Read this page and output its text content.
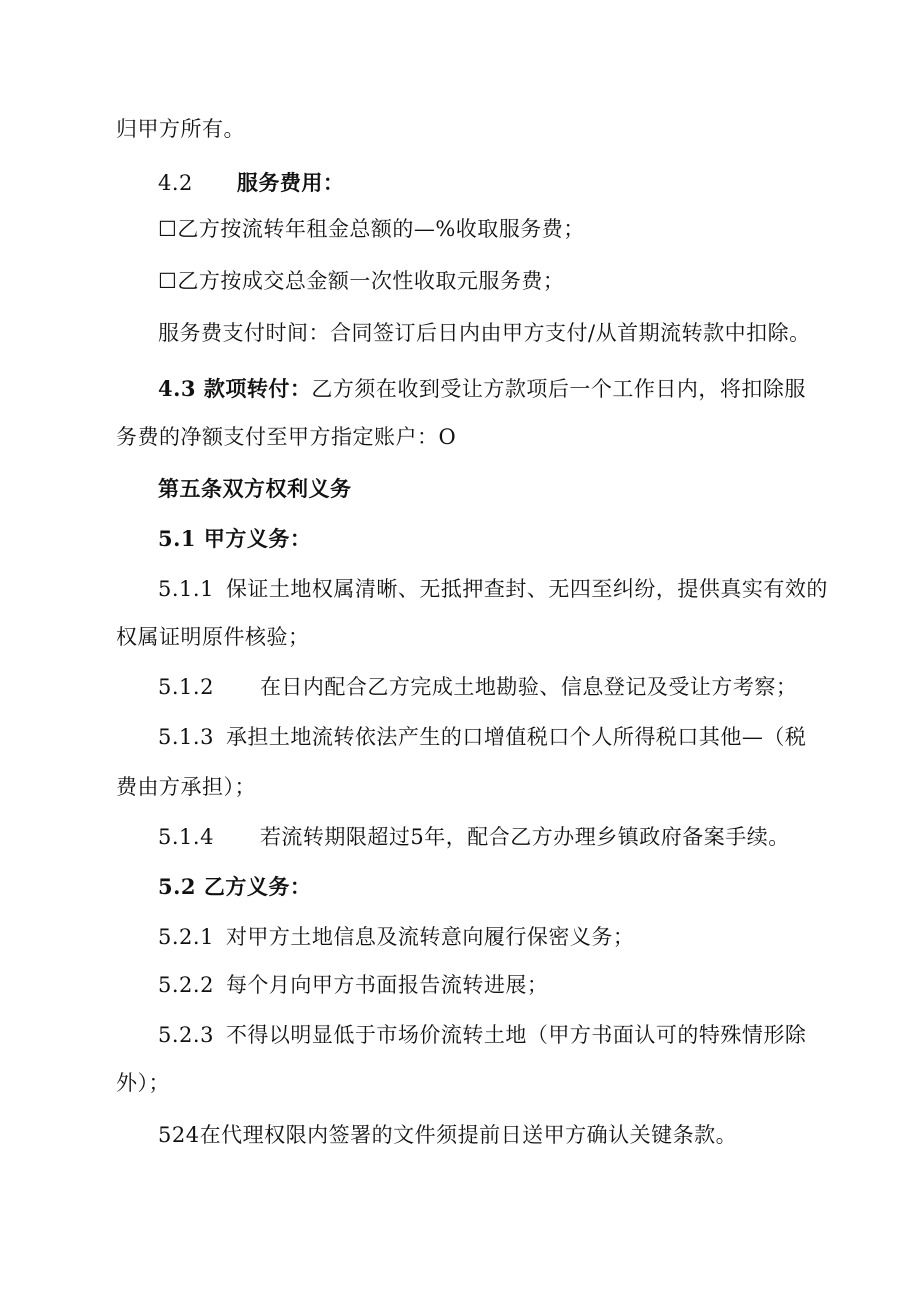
归甲方所有。
4.2 服务费用：
☐乙方按流转年租金总额的—%收取服务费；
☐乙方按成交总金额一次性收取元服务费；
服务费支付时间：合同签订后日内由甲方支付/从首期流转款中扣除。
4.3 款项转付：乙方须在收到受让方款项后一个工作日内，将扣除服
务费的净额支付至甲方指定账户：O
第五条双方权利义务
5.1 甲方义务：
5.1.1 保证土地权属清晰、无抵押查封、无四至纠纷，提供真实有效的
权属证明原件核验；
5.1.2 在日内配合乙方完成土地勘验、信息登记及受让方考察；
5.1.3 承担土地流转依法产生的口增值税口个人所得税口其他—（税
费由方承担）；
5.1.4 若流转期限超过5年，配合乙方办理乡镇政府备案手续。
5.2 乙方义务：
5.2.1 对甲方土地信息及流转意向履行保密义务；
5.2.2 每个月向甲方书面报告流转进展；
5.2.3 不得以明显低于市场价流转土地（甲方书面认可的特殊情形除
外）；
524在代理权限内签署的文件须提前日送甲方确认关键条款。
